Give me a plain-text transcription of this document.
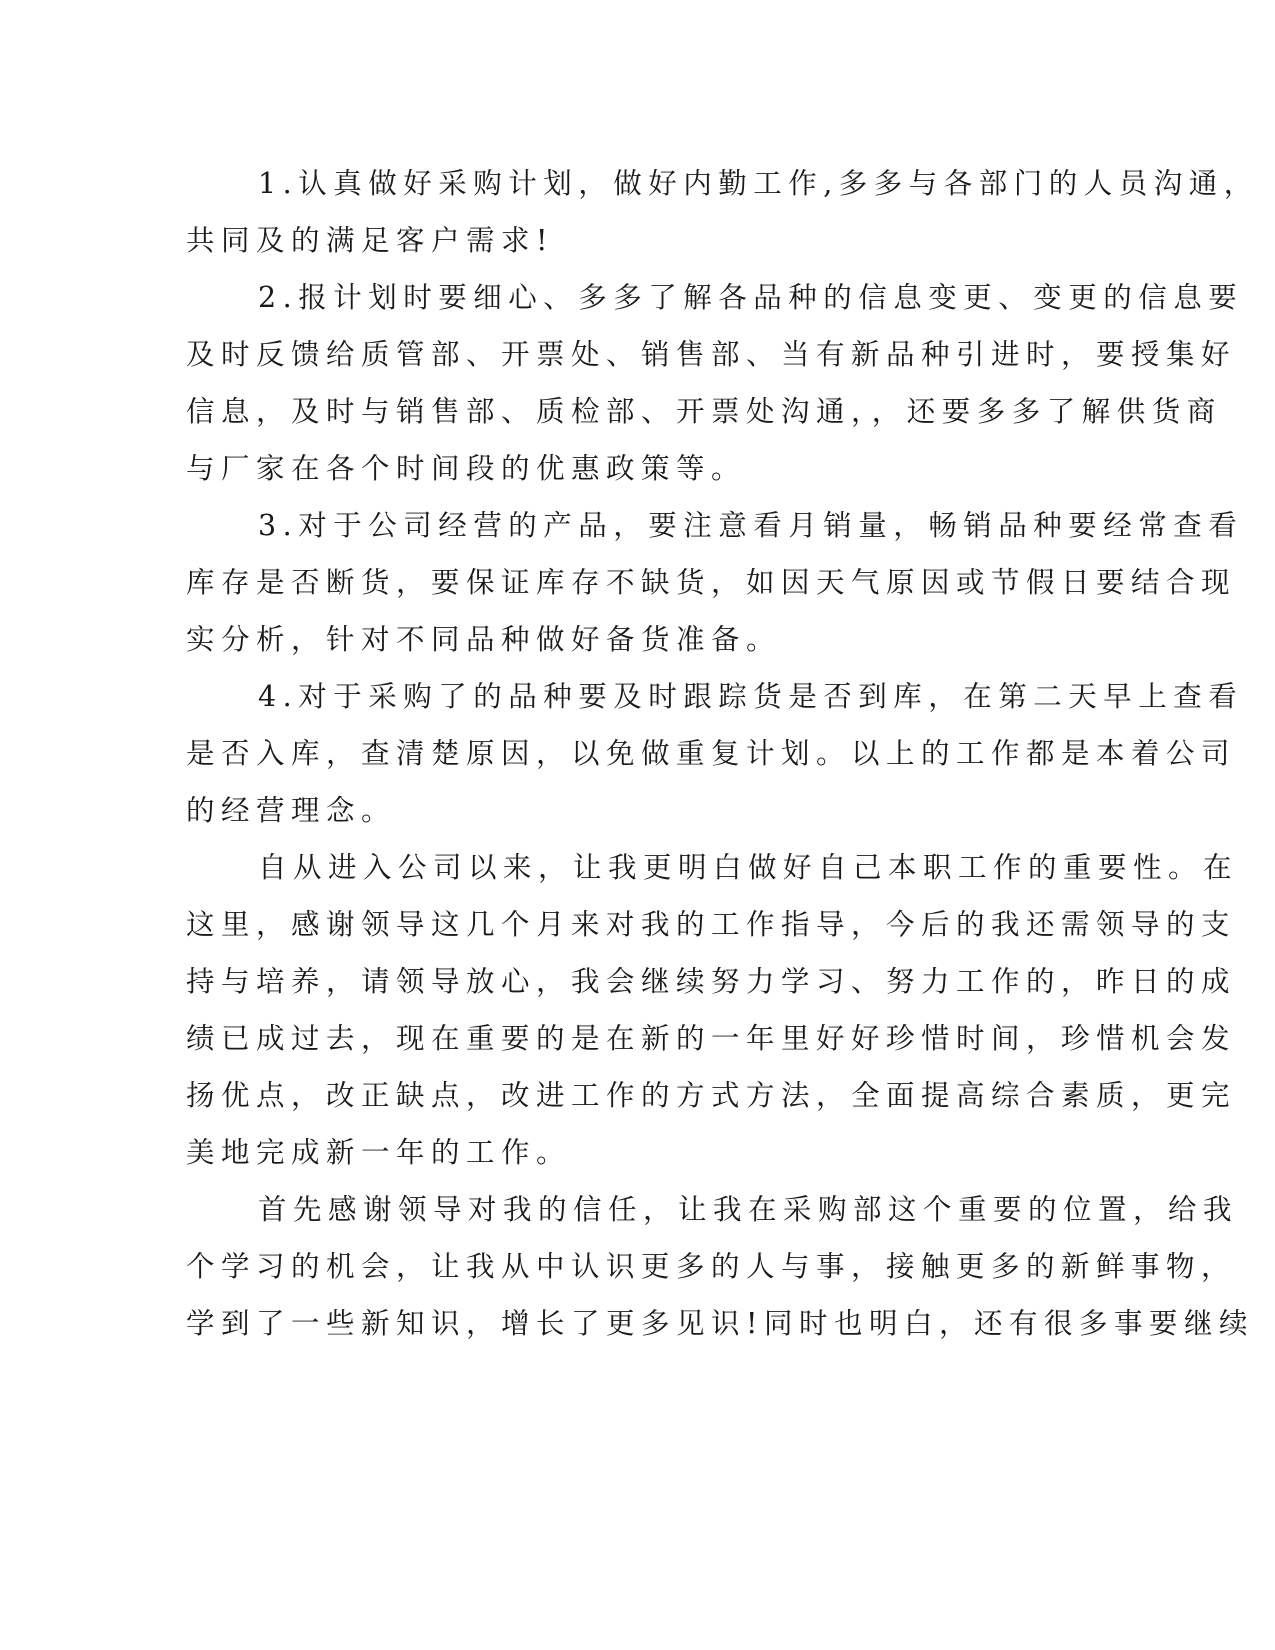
1.认真做好采购计划，做好内勤工作,多多与各部门的人员沟通，
共同及的满足客户需求!
2.报计划时要细心、多多了解各品种的信息变更、变更的信息要
及时反馈给质管部、开票处、销售部、当有新品种引进时，要授集好
信息，及时与销售部、质检部、开票处沟通，，还要多多了解供货商
与厂家在各个时间段的优惠政策等。
3.对于公司经营的产品，要注意看月销量，畅销品种要经常查看
库存是否断货，要保证库存不缺货，如因天气原因或节假日要结合现
实分析，针对不同品种做好备货准备。
4.对于采购了的品种要及时跟踪货是否到库，在第二天早上查看
是否入库，查清楚原因，以免做重复计划。以上的工作都是本着公司
的经营理念。
自从进入公司以来，让我更明白做好自己本职工作的重要性。在
这里，感谢领导这几个月来对我的工作指导，今后的我还需领导的支
持与培养，请领导放心，我会继续努力学习、努力工作的，昨日的成
绩已成过去，现在重要的是在新的一年里好好珍惜时间，珍惜机会发
扬优点，改正缺点，改进工作的方式方法，全面提高综合素质，更完
美地完成新一年的工作。
首先感谢领导对我的信任，让我在采购部这个重要的位置，给我
个学习的机会，让我从中认识更多的人与事，接触更多的新鲜事物，
学到了一些新知识，增长了更多见识!同时也明白，还有很多事要继续
